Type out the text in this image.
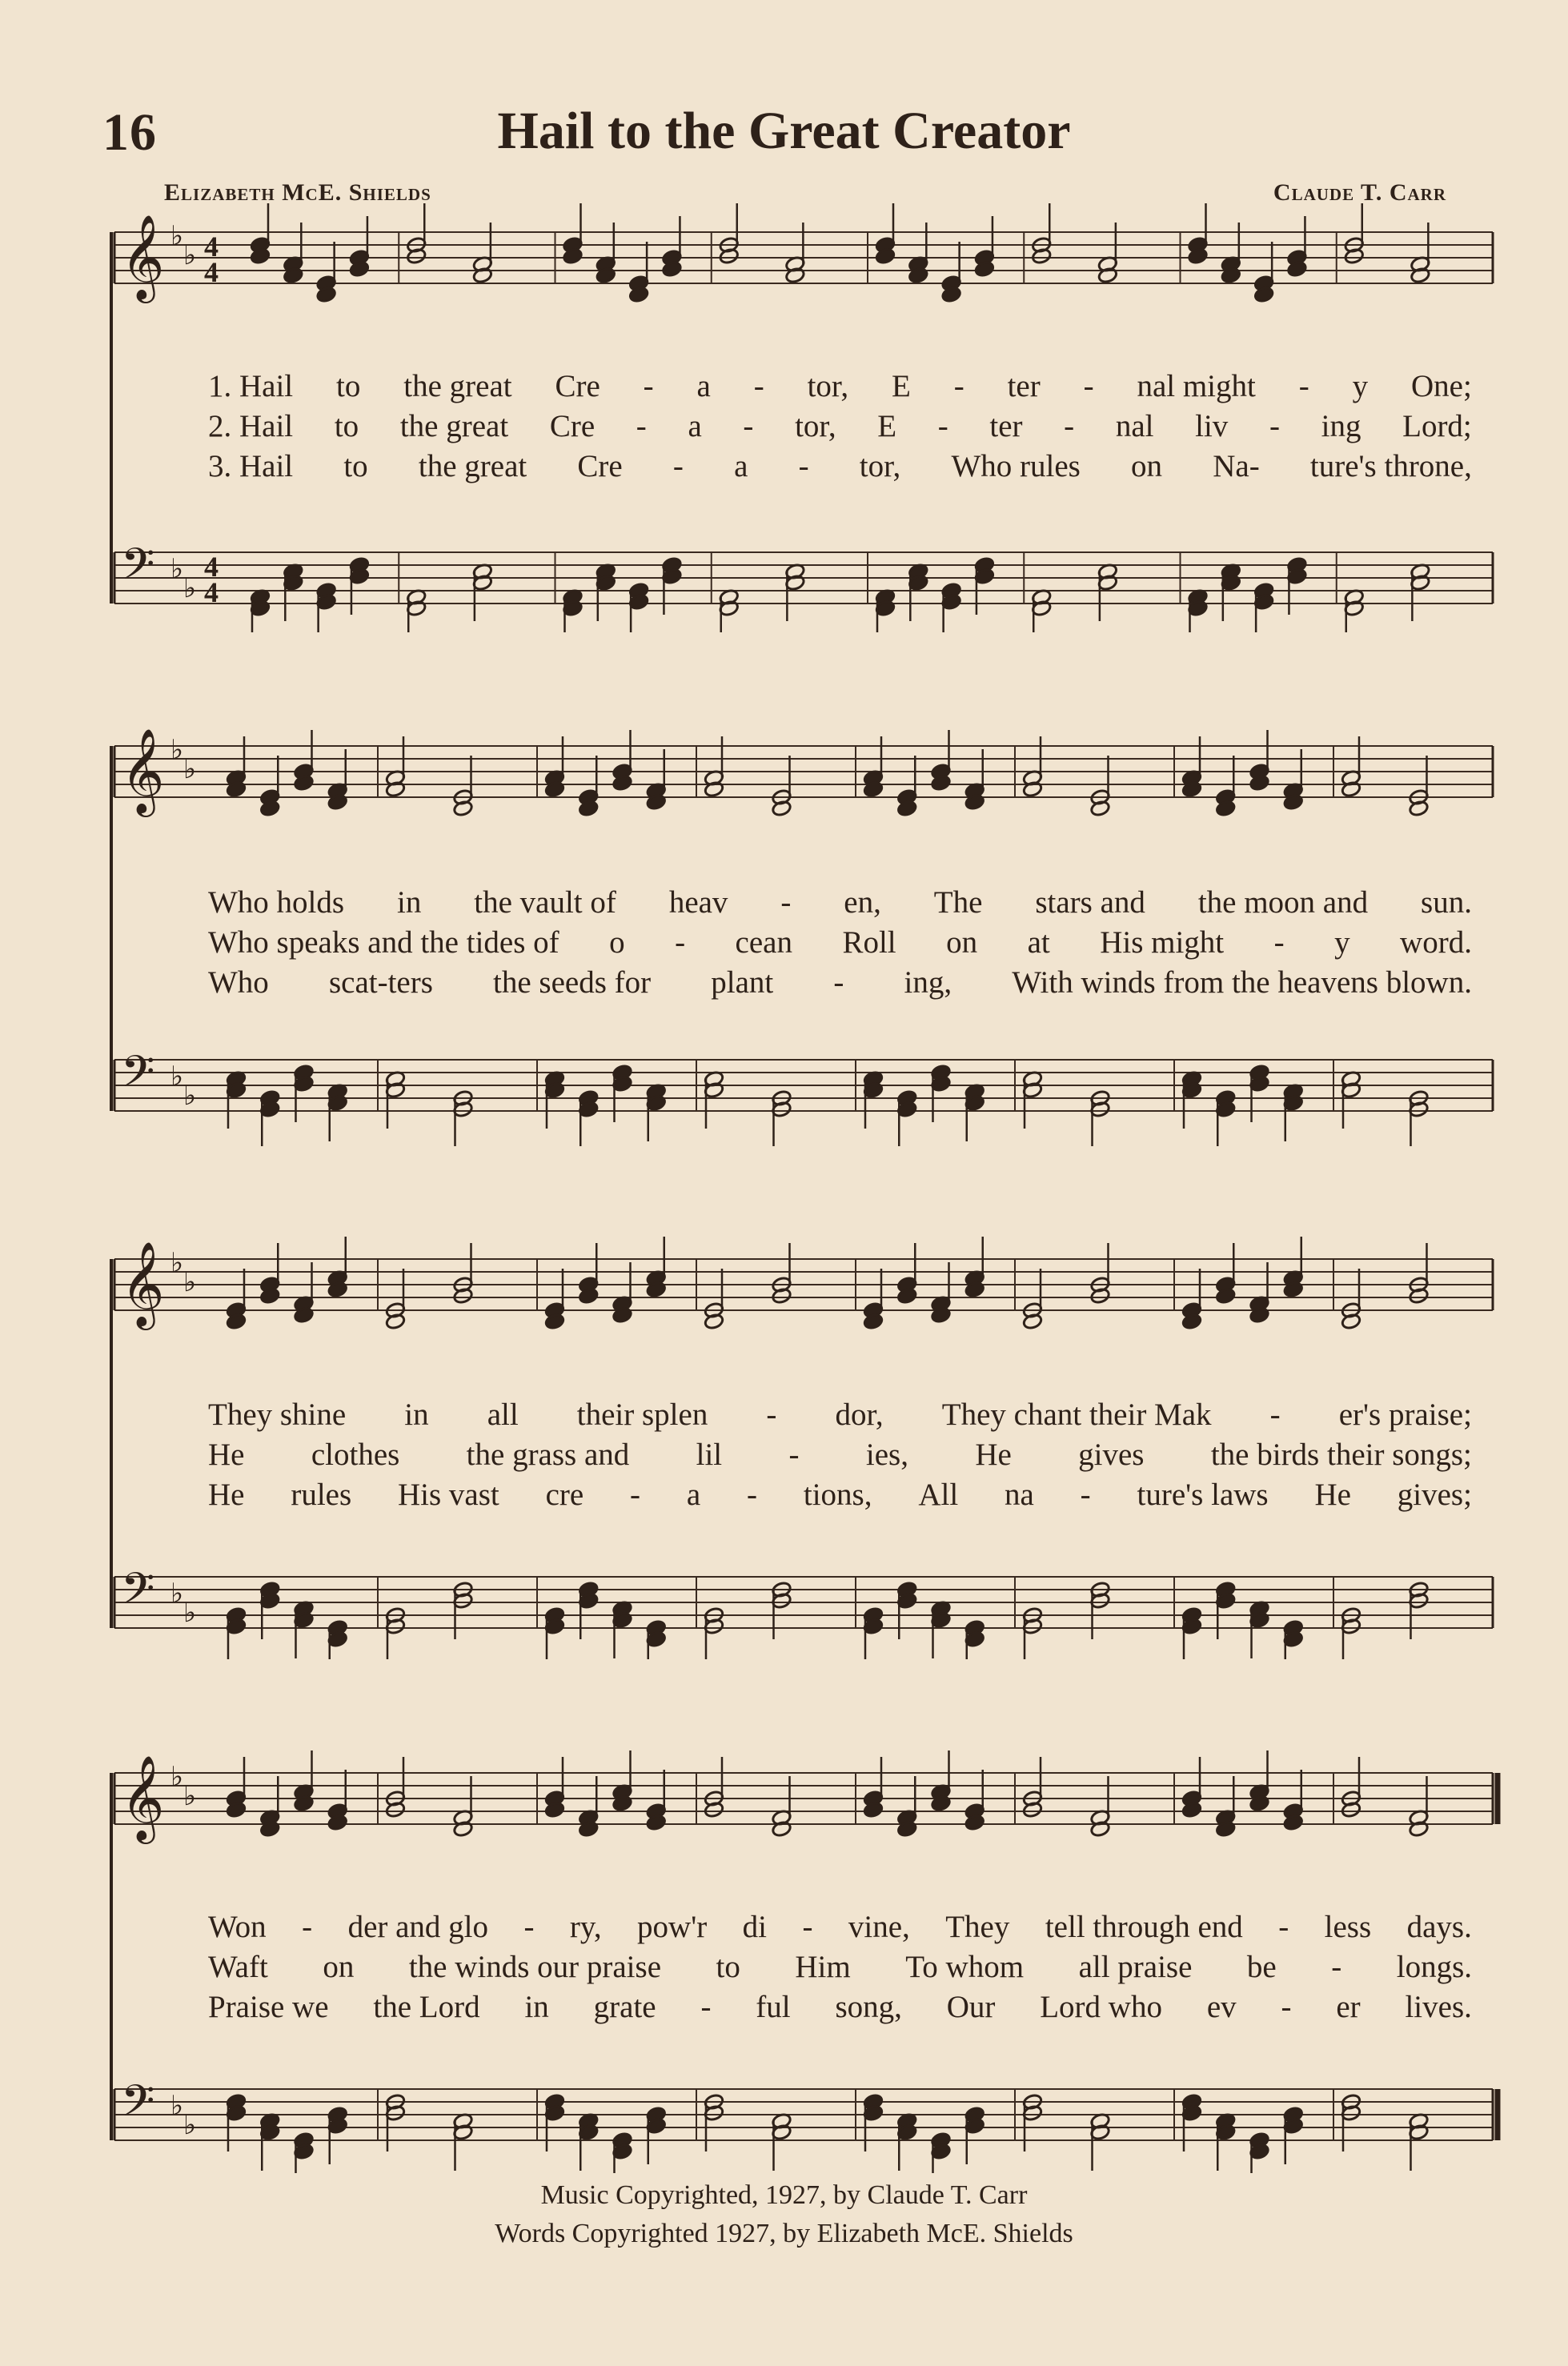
16	Hail to the Great Creator
Elizabeth McE. Shields	Claude T. Carr
𝄞 ♭
♭ 4
4
𝄢 ♭
♭
4
4
1. Hail to the great Cre - a - tor, E - ter - nal might - y One;
2. Hail to the great Cre - a - tor, E - ter - nal liv - ing Lord;
3. Hail to the great Cre - a - tor, Who rules on Na- ture's throne,
𝄞 ♭
♭
𝄢 ♭
♭
Who holds in the vault of heav - en, The stars and the moon and sun.
Who speaks and the tides of o - cean Roll on at His might - y word.
Who scat-ters the seeds for plant - ing, With winds from the heavens blown.
𝄞 ♭
♭
𝄢 ♭
♭
They shine in all their splen - dor, They chant their Mak - er's praise;
He clothes the grass and lil - ies, He gives the birds their songs;
He rules His vast cre - a - tions, All na - ture's laws He gives;
𝄞 ♭
♭
𝄢 ♭
♭
Won - der and glo - ry, pow'r di - vine, They tell through end - less days.
Waft on the winds our praise to Him To whom all praise be - longs.
Praise we the Lord in grate - ful song, Our Lord who ev - er lives.
Music Copyrighted, 1927, by Claude T. Carr
Words Copyrighted 1927, by Elizabeth McE. Shields
